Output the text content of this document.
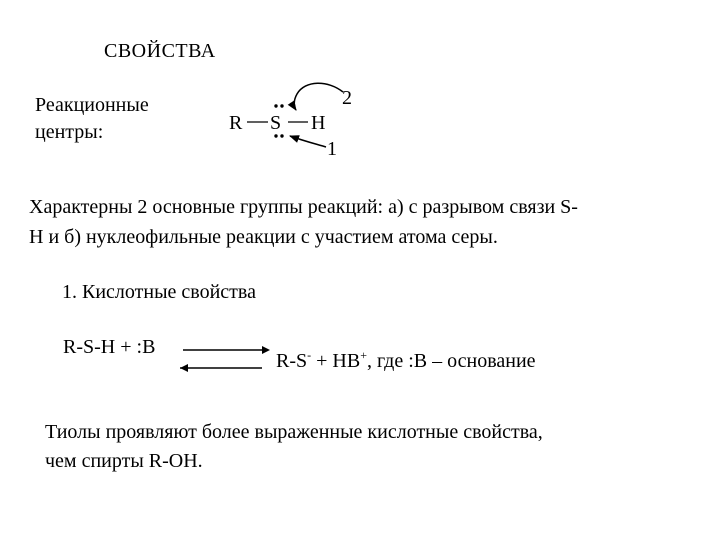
СВОЙСТВА
Реакционные
центры:	R S H
2
1
Характерны 2 основные группы реакций: а) с разрывом связи S-
H и б) нуклеофильные реакции с участием атома серы.
1. Кислотные свойства
R-S-H + :B
R-S- + HB+, где :B – основание
Тиолы проявляют более выраженные кислотные свойства,
чем спирты R-OH.
